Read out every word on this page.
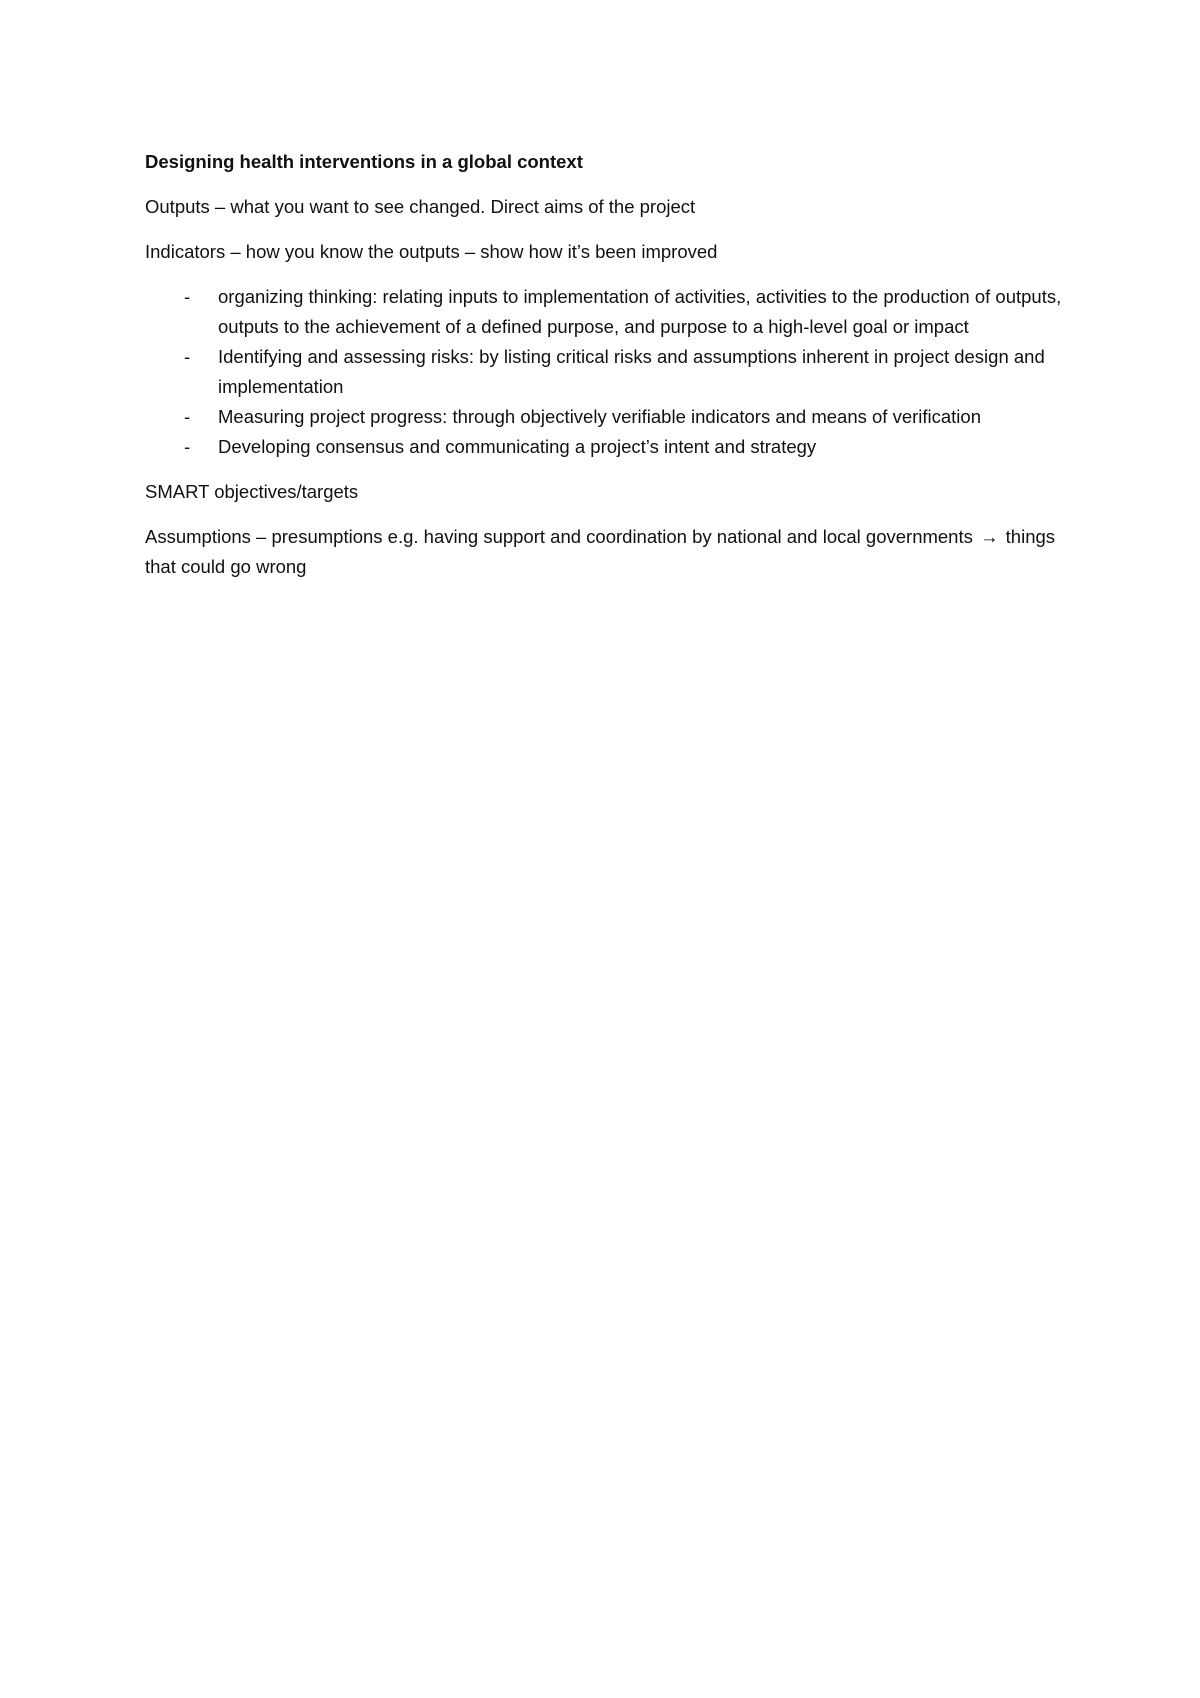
Designing health interventions in a global context

Outputs – what you want to see changed. Direct aims of the project

Indicators – how you know the outputs – show how it’s been improved

- organizing thinking: relating inputs to implementation of activities, activities to the production of outputs, outputs to the achievement of a defined purpose, and purpose to a high-level goal or impact
- Identifying and assessing risks: by listing critical risks and assumptions inherent in project design and implementation
- Measuring project progress: through objectively verifiable indicators and means of verification
- Developing consensus and communicating a project’s intent and strategy

SMART objectives/targets

Assumptions – presumptions e.g. having support and coordination by national and local governments → things that could go wrong
